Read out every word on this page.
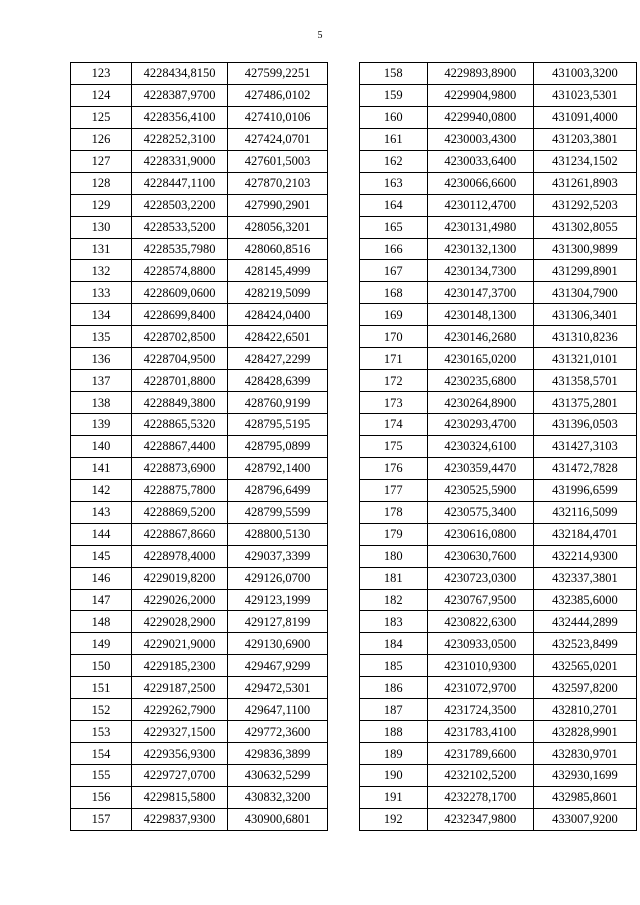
5
123	4228434,8150	427599,2251	
124	4228387,9700	427486,0102	
125	4228356,4100	427410,0106	
126	4228252,3100	427424,0701	
127	4228331,9000	427601,5003	
128	4228447,1100	427870,2103	
129	4228503,2200	427990,2901	
130	4228533,5200	428056,3201	
131	4228535,7980	428060,8516	
132	4228574,8800	428145,4999	
133	4228609,0600	428219,5099	
134	4228699,8400	428424,0400	
135	4228702,8500	428422,6501	
136	4228704,9500	428427,2299	
137	4228701,8800	428428,6399	
138	4228849,3800	428760,9199	
139	4228865,5320	428795,5195	
140	4228867,4400	428795,0899	
141	4228873,6900	428792,1400	
142	4228875,7800	428796,6499	
143	4228869,5200	428799,5599	
144	4228867,8660	428800,5130	
145	4228978,4000	429037,3399	
146	4229019,8200	429126,0700	
147	4229026,2000	429123,1999	
148	4229028,2900	429127,8199	
149	4229021,9000	429130,6900	
150	4229185,2300	429467,9299	
151	4229187,2500	429472,5301	
152	4229262,7900	429647,1100	
153	4229327,1500	429772,3600	
154	4229356,9300	429836,3899	
155	4229727,0700	430632,5299	
156	4229815,5800	430832,3200	
157	4229837,9300	430900,6801	
158	4229893,8900	431003,3200
159	4229904,9800	431023,5301
160	4229940,0800	431091,4000
161	4230003,4300	431203,3801
162	4230033,6400	431234,1502
163	4230066,6600	431261,8903
164	4230112,4700	431292,5203
165	4230131,4980	431302,8055
166	4230132,1300	431300,9899
167	4230134,7300	431299,8901
168	4230147,3700	431304,7900
169	4230148,1300	431306,3401
170	4230146,2680	431310,8236
171	4230165,0200	431321,0101
172	4230235,6800	431358,5701
173	4230264,8900	431375,2801
174	4230293,4700	431396,0503
175	4230324,6100	431427,3103
176	4230359,4470	431472,7828
177	4230525,5900	431996,6599
178	4230575,3400	432116,5099
179	4230616,0800	432184,4701
180	4230630,7600	432214,9300
181	4230723,0300	432337,3801
182	4230767,9500	432385,6000
183	4230822,6300	432444,2899
184	4230933,0500	432523,8499
185	4231010,9300	432565,0201
186	4231072,9700	432597,8200
187	4231724,3500	432810,2701
188	4231783,4100	432828,9901
189	4231789,6600	432830,9701
190	4232102,5200	432930,1699
191	4232278,1700	432985,8601
192	4232347,9800	433007,9200
